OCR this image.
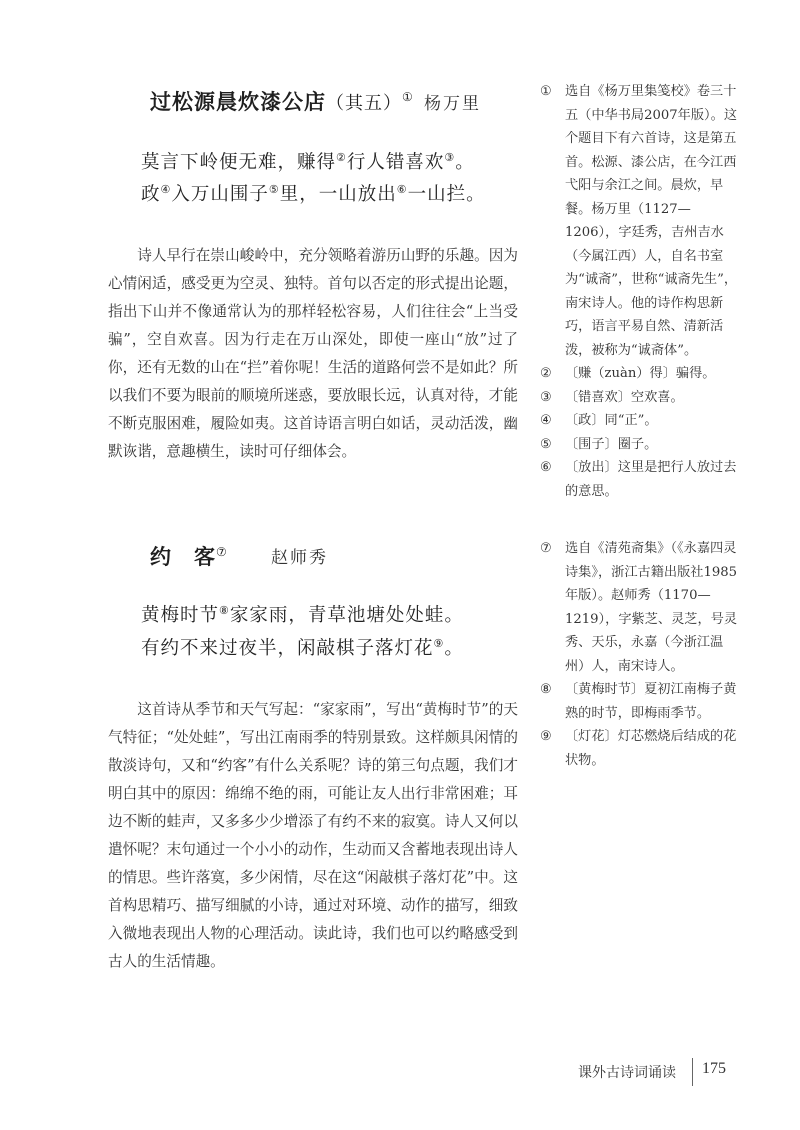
过松源晨炊漆公店（其五）① 杨万里
莫言下岭便无难，赚得②行人错喜欢③。
政④入万山围子⑤里，一山放出⑥一山拦。

诗人早行在崇山峻岭中，充分领略着游历山野的乐趣。因为心情闲适，感受更为空灵、独特。首句以否定的形式提出论题，指出下山并不像通常认为的那样轻松容易，人们往往会“上当受骗”，空自欢喜。因为行走在万山深处，即使一座山“放”过了你，还有无数的山在“拦”着你呢！生活的道路何尝不是如此？所以我们不要为眼前的顺境所迷惑，要放眼长远，认真对待，才能不断克服困难，履险如夷。这首诗语言明白如话，灵动活泼，幽默诙谐，意趣横生，读时可仔细体会。

约　客⑦	赵师秀
黄梅时节⑧家家雨，青草池塘处处蛙。
有约不来过夜半，闲敲棋子落灯花⑨。

这首诗从季节和天气写起：“家家雨”，写出“黄梅时节”的天气特征；“处处蛙”，写出江南雨季的特别景致。这样颇具闲情的散淡诗句，又和“约客”有什么关系呢？诗的第三句点题，我们才明白其中的原因：绵绵不绝的雨，可能让友人出行非常困难；耳边不断的蛙声，又多多少少增添了有约不来的寂寞。诗人又何以遣怀呢？末句通过一个小小的动作，生动而又含蓄地表现出诗人的情思。些许落寞，多少闲情，尽在这“闲敲棋子落灯花”中。这首构思精巧、描写细腻的小诗，通过对环境、动作的描写，细致入微地表现出人物的心理活动。读此诗，我们也可以约略感受到古人的生活情趣。

① 选自《杨万里集笺校》卷三十五（中华书局2007年版）。这个题目下有六首诗，这是第五首。松源、漆公店，在今江西弋阳与余江之间。晨炊，早餐。杨万里（1127—1206），字廷秀，吉州吉水（今属江西）人，自名书室为“诚斋”，世称“诚斋先生”，南宋诗人。他的诗作构思新巧，语言平易自然、清新活泼，被称为“诚斋体”。

② 〔赚（zuàn）得〕骗得。

③ 〔错喜欢〕空欢喜。

④ 〔政〕同“正”。

⑤ 〔围子〕圈子。

⑥ 〔放出〕这里是把行人放过去的意思。

⑦ 选自《清苑斋集》（《永嘉四灵诗集》，浙江古籍出版社1985年版）。赵师秀（1170—1219），字紫芝、灵芝，号灵秀、天乐，永嘉（今浙江温州）人，南宋诗人。

⑧ 〔黄梅时节〕夏初江南梅子黄熟的时节，即梅雨季节。

⑨ 〔灯花〕灯芯燃烧后结成的花状物。

课外古诗词诵读 175
